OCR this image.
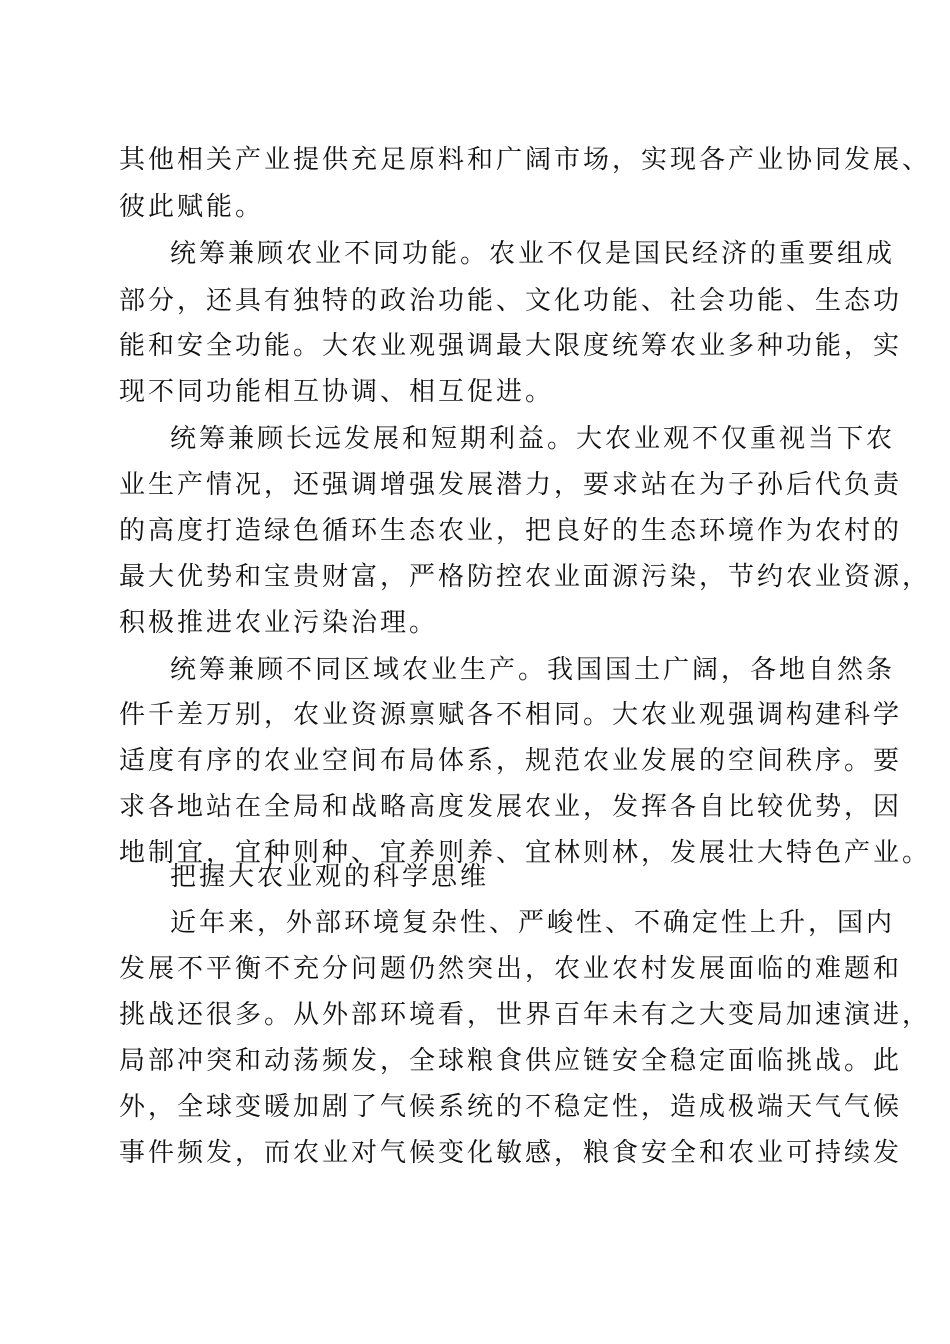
其他相关产业提供充足原料和广阔市场，实现各产业协同发展、
彼此赋能。
统筹兼顾农业不同功能。农业不仅是国民经济的重要组成
部分，还具有独特的政治功能、文化功能、社会功能、生态功
能和安全功能。大农业观强调最大限度统筹农业多种功能，实
现不同功能相互协调、相互促进。
统筹兼顾长远发展和短期利益。大农业观不仅重视当下农
业生产情况，还强调增强发展潜力，要求站在为子孙后代负责
的高度打造绿色循环生态农业，把良好的生态环境作为农村的
最大优势和宝贵财富，严格防控农业面源污染，节约农业资源，
积极推进农业污染治理。
统筹兼顾不同区域农业生产。我国国土广阔，各地自然条
件千差万别，农业资源禀赋各不相同。大农业观强调构建科学
适度有序的农业空间布局体系，规范农业发展的空间秩序。要
求各地站在全局和战略高度发展农业，发挥各自比较优势，因
地制宜，宜种则种、宜养则养、宜林则林，发展壮大特色产业。
把握大农业观的科学思维
近年来，外部环境复杂性、严峻性、不确定性上升，国内
发展不平衡不充分问题仍然突出，农业农村发展面临的难题和
挑战还很多。从外部环境看，世界百年未有之大变局加速演进，
局部冲突和动荡频发，全球粮食供应链安全稳定面临挑战。此
外，全球变暖加剧了气候系统的不稳定性，造成极端天气气候
事件频发，而农业对气候变化敏感，粮食安全和农业可持续发
